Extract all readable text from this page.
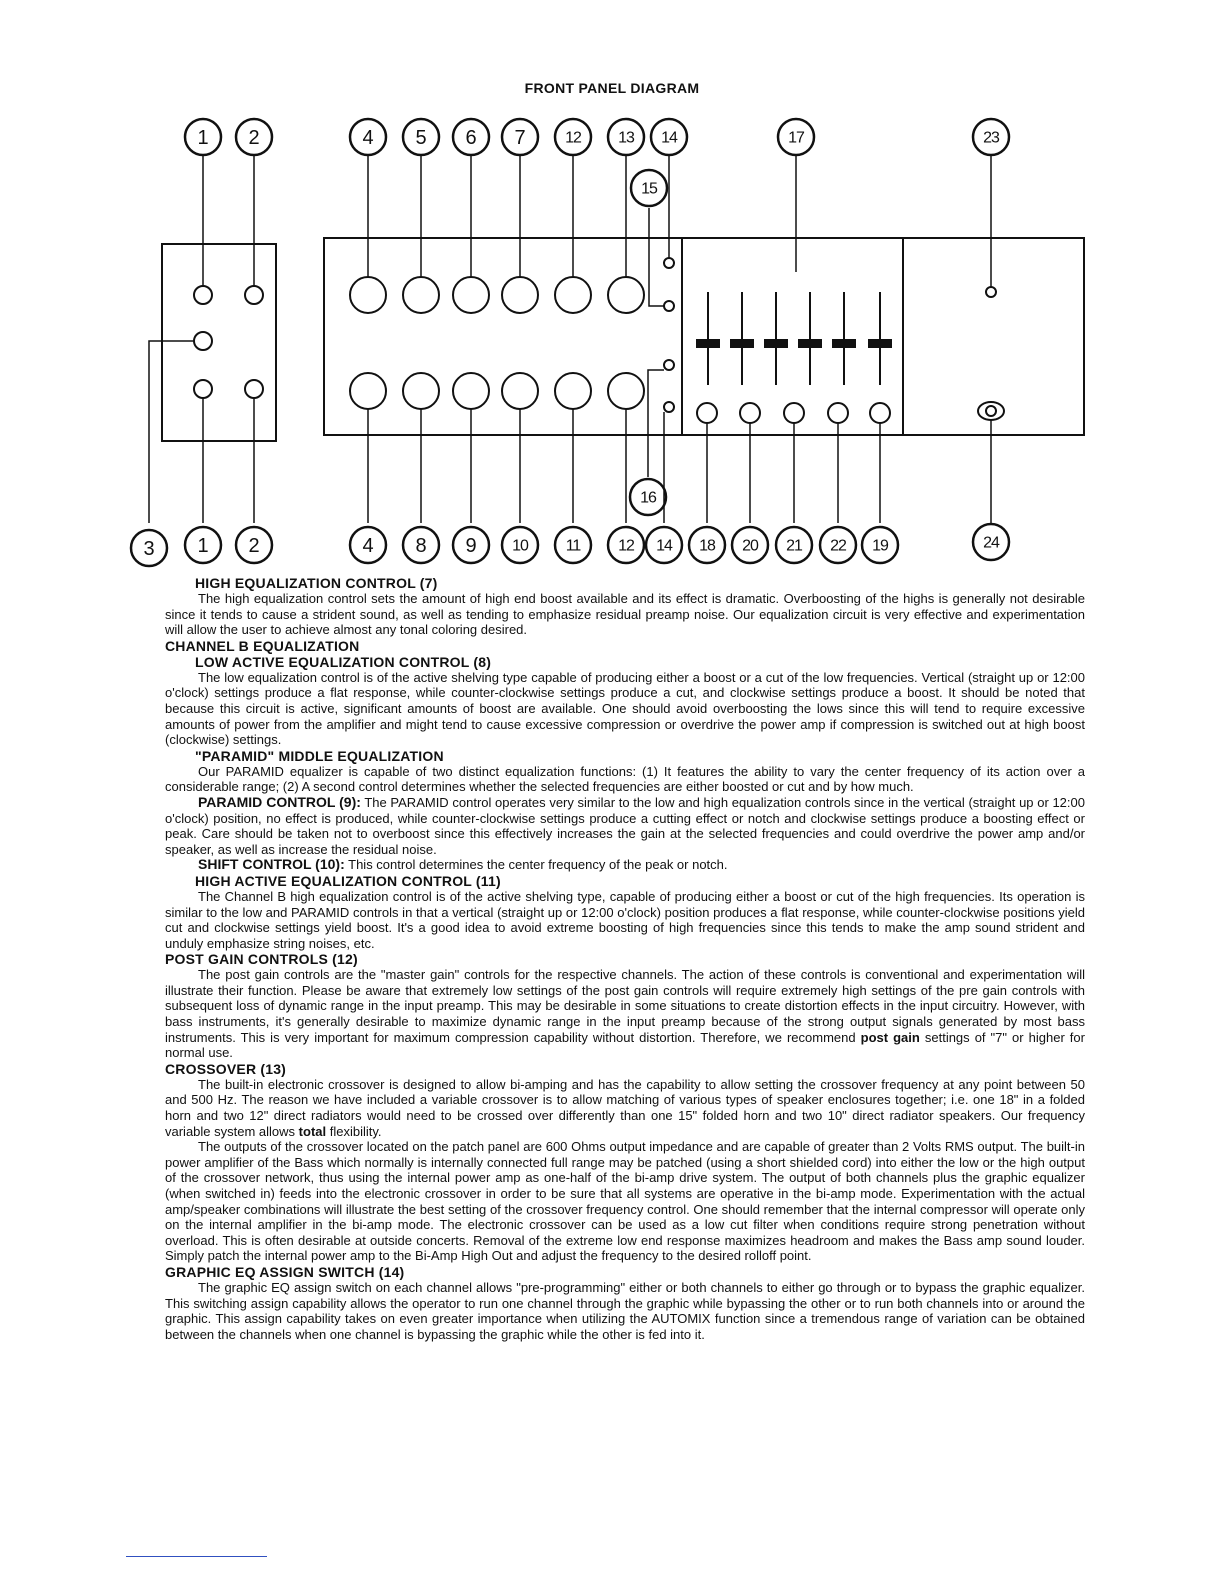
FRONT PANEL DIAGRAM
1 2	4 5 6 7 12 13 14
15
17	23
3 1 2	4 8 9 10 11 12 14
16
18 20 21 22 19	24
HIGH EQUALIZATION CONTROL (7)

The high equalization control sets the amount of high end boost available and its effect is dramatic. Overboosting of the highs is generally not desirable since it tends to cause a strident sound, as well as tending to emphasize residual preamp noise. Our equalization circuit is very effective and experimentation will allow the user to achieve almost any tonal coloring desired.

CHANNEL B EQUALIZATION
LOW ACTIVE EQUALIZATION CONTROL (8)

The low equalization control is of the active shelving type capable of producing either a boost or a cut of the low frequencies. Vertical (straight up or 12:00 o'clock) settings produce a flat response, while counter-clockwise settings produce a cut, and clockwise settings produce a boost. It should be noted that because this circuit is active, significant amounts of boost are available. One should avoid overboosting the lows since this will tend to require excessive amounts of power from the amplifier and might tend to cause excessive compression or overdrive the power amp if compression is switched out at high boost (clockwise) settings.

"PARAMID" MIDDLE EQUALIZATION

Our PARAMID equalizer is capable of two distinct equalization functions: (1) It features the ability to vary the center frequency of its action over a considerable range; (2) A second control determines whether the selected frequencies are either boosted or cut and by how much.

PARAMID CONTROL (9): The PARAMID control operates very similar to the low and high equalization controls since in the vertical (straight up or 12:00 o'clock) position, no effect is produced, while counter-clockwise settings produce a cutting effect or notch and clockwise settings produce a boosting effect or peak. Care should be taken not to overboost since this effectively increases the gain at the selected frequencies and could overdrive the power amp and/or speaker, as well as increase the residual noise.

SHIFT CONTROL (10): This control determines the center frequency of the peak or notch.

HIGH ACTIVE EQUALIZATION CONTROL (11)

The Channel B high equalization control is of the active shelving type, capable of producing either a boost or cut of the high frequencies. Its operation is similar to the low and PARAMID controls in that a vertical (straight up or 12:00 o'clock) position produces a flat response, while counter-clockwise positions yield cut and clockwise settings yield boost. It's a good idea to avoid extreme boosting of high frequencies since this tends to make the amp sound strident and unduly emphasize string noises, etc.

POST GAIN CONTROLS (12)

The post gain controls are the "master gain" controls for the respective channels. The action of these controls is conventional and experimentation will illustrate their function. Please be aware that extremely low settings of the post gain controls will require extremely high settings of the pre gain controls with subsequent loss of dynamic range in the input preamp. This may be desirable in some situations to create distortion effects in the input circuitry. However, with bass instruments, it's generally desirable to maximize dynamic range in the input preamp because of the strong output signals generated by most bass instruments. This is very important for maximum compression capability without distortion. Therefore, we recommend post gain settings of "7" or higher for normal use.

CROSSOVER (13)

The built-in electronic crossover is designed to allow bi-amping and has the capability to allow setting the crossover frequency at any point between 50 and 500 Hz. The reason we have included a variable crossover is to allow matching of various types of speaker enclosures together; i.e. one 18" in a folded horn and two 12" direct radiators would need to be crossed over differently than one 15" folded horn and two 10" direct radiator speakers. Our frequency variable system allows total flexibility.

The outputs of the crossover located on the patch panel are 600 Ohms output impedance and are capable of greater than 2 Volts RMS output. The built-in power amplifier of the Bass which normally is internally connected full range may be patched (using a short shielded cord) into either the low or the high output of the crossover network, thus using the internal power amp as one-half of the bi-amp drive system. The output of both channels plus the graphic equalizer (when switched in) feeds into the electronic crossover in order to be sure that all systems are operative in the bi-amp mode. Experimentation with the actual amp/speaker combinations will illustrate the best setting of the crossover frequency control. One should remember that the internal compressor will operate only on the internal amplifier in the bi-amp mode. The electronic crossover can be used as a low cut filter when conditions require strong penetration without overload. This is often desirable at outside concerts. Removal of the extreme low end response maximizes headroom and makes the Bass amp sound louder. Simply patch the internal power amp to the Bi-Amp High Out and adjust the frequency to the desired rolloff point.

GRAPHIC EQ ASSIGN SWITCH (14)

The graphic EQ assign switch on each channel allows "pre-programming" either or both channels to either go through or to bypass the graphic equalizer. This switching assign capability allows the operator to run one channel through the graphic while bypassing the other or to run both channels into or around the graphic. This assign capability takes on even greater importance when utilizing the AUTOMIX function since a tremendous range of variation can be obtained between the channels when one channel is bypassing the graphic while the other is fed into it.
